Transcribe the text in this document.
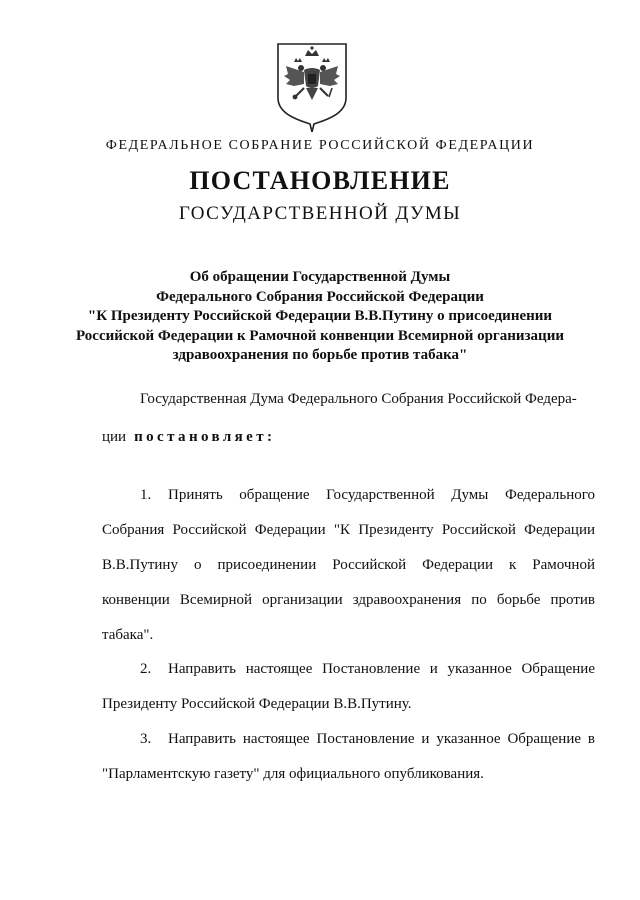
ФЕДЕРАЛЬНОЕ СОБРАНИЕ РОССИЙСКОЙ ФЕДЕРАЦИИ
ПОСТАНОВЛЕНИЕ
ГОСУДАРСТВЕННОЙ ДУМЫ
Об обращении Государственной Думы
Федерального Собрания Российской Федерации
"К Президенту Российской Федерации В.В.Путину о присоединении
Российской Федерации к Рамочной конвенции Всемирной организации
здравоохранения по борьбе против табака"
Государственная Дума Федерального Собрания Российской Федера-
ции постановляет:
1. Принять обращение Государственной Думы Федерального
Собрания Российской Федерации "К Президенту Российской Федерации
В.В.Путину о присоединении Российской Федерации к Рамочной
конвенции Всемирной организации здравоохранения по борьбе против
табака".
2. Направить настоящее Постановление и указанное Обращение
Президенту Российской Федерации В.В.Путину.
3. Направить настоящее Постановление и указанное Обращение в
"Парламентскую газету" для официального опубликования.
